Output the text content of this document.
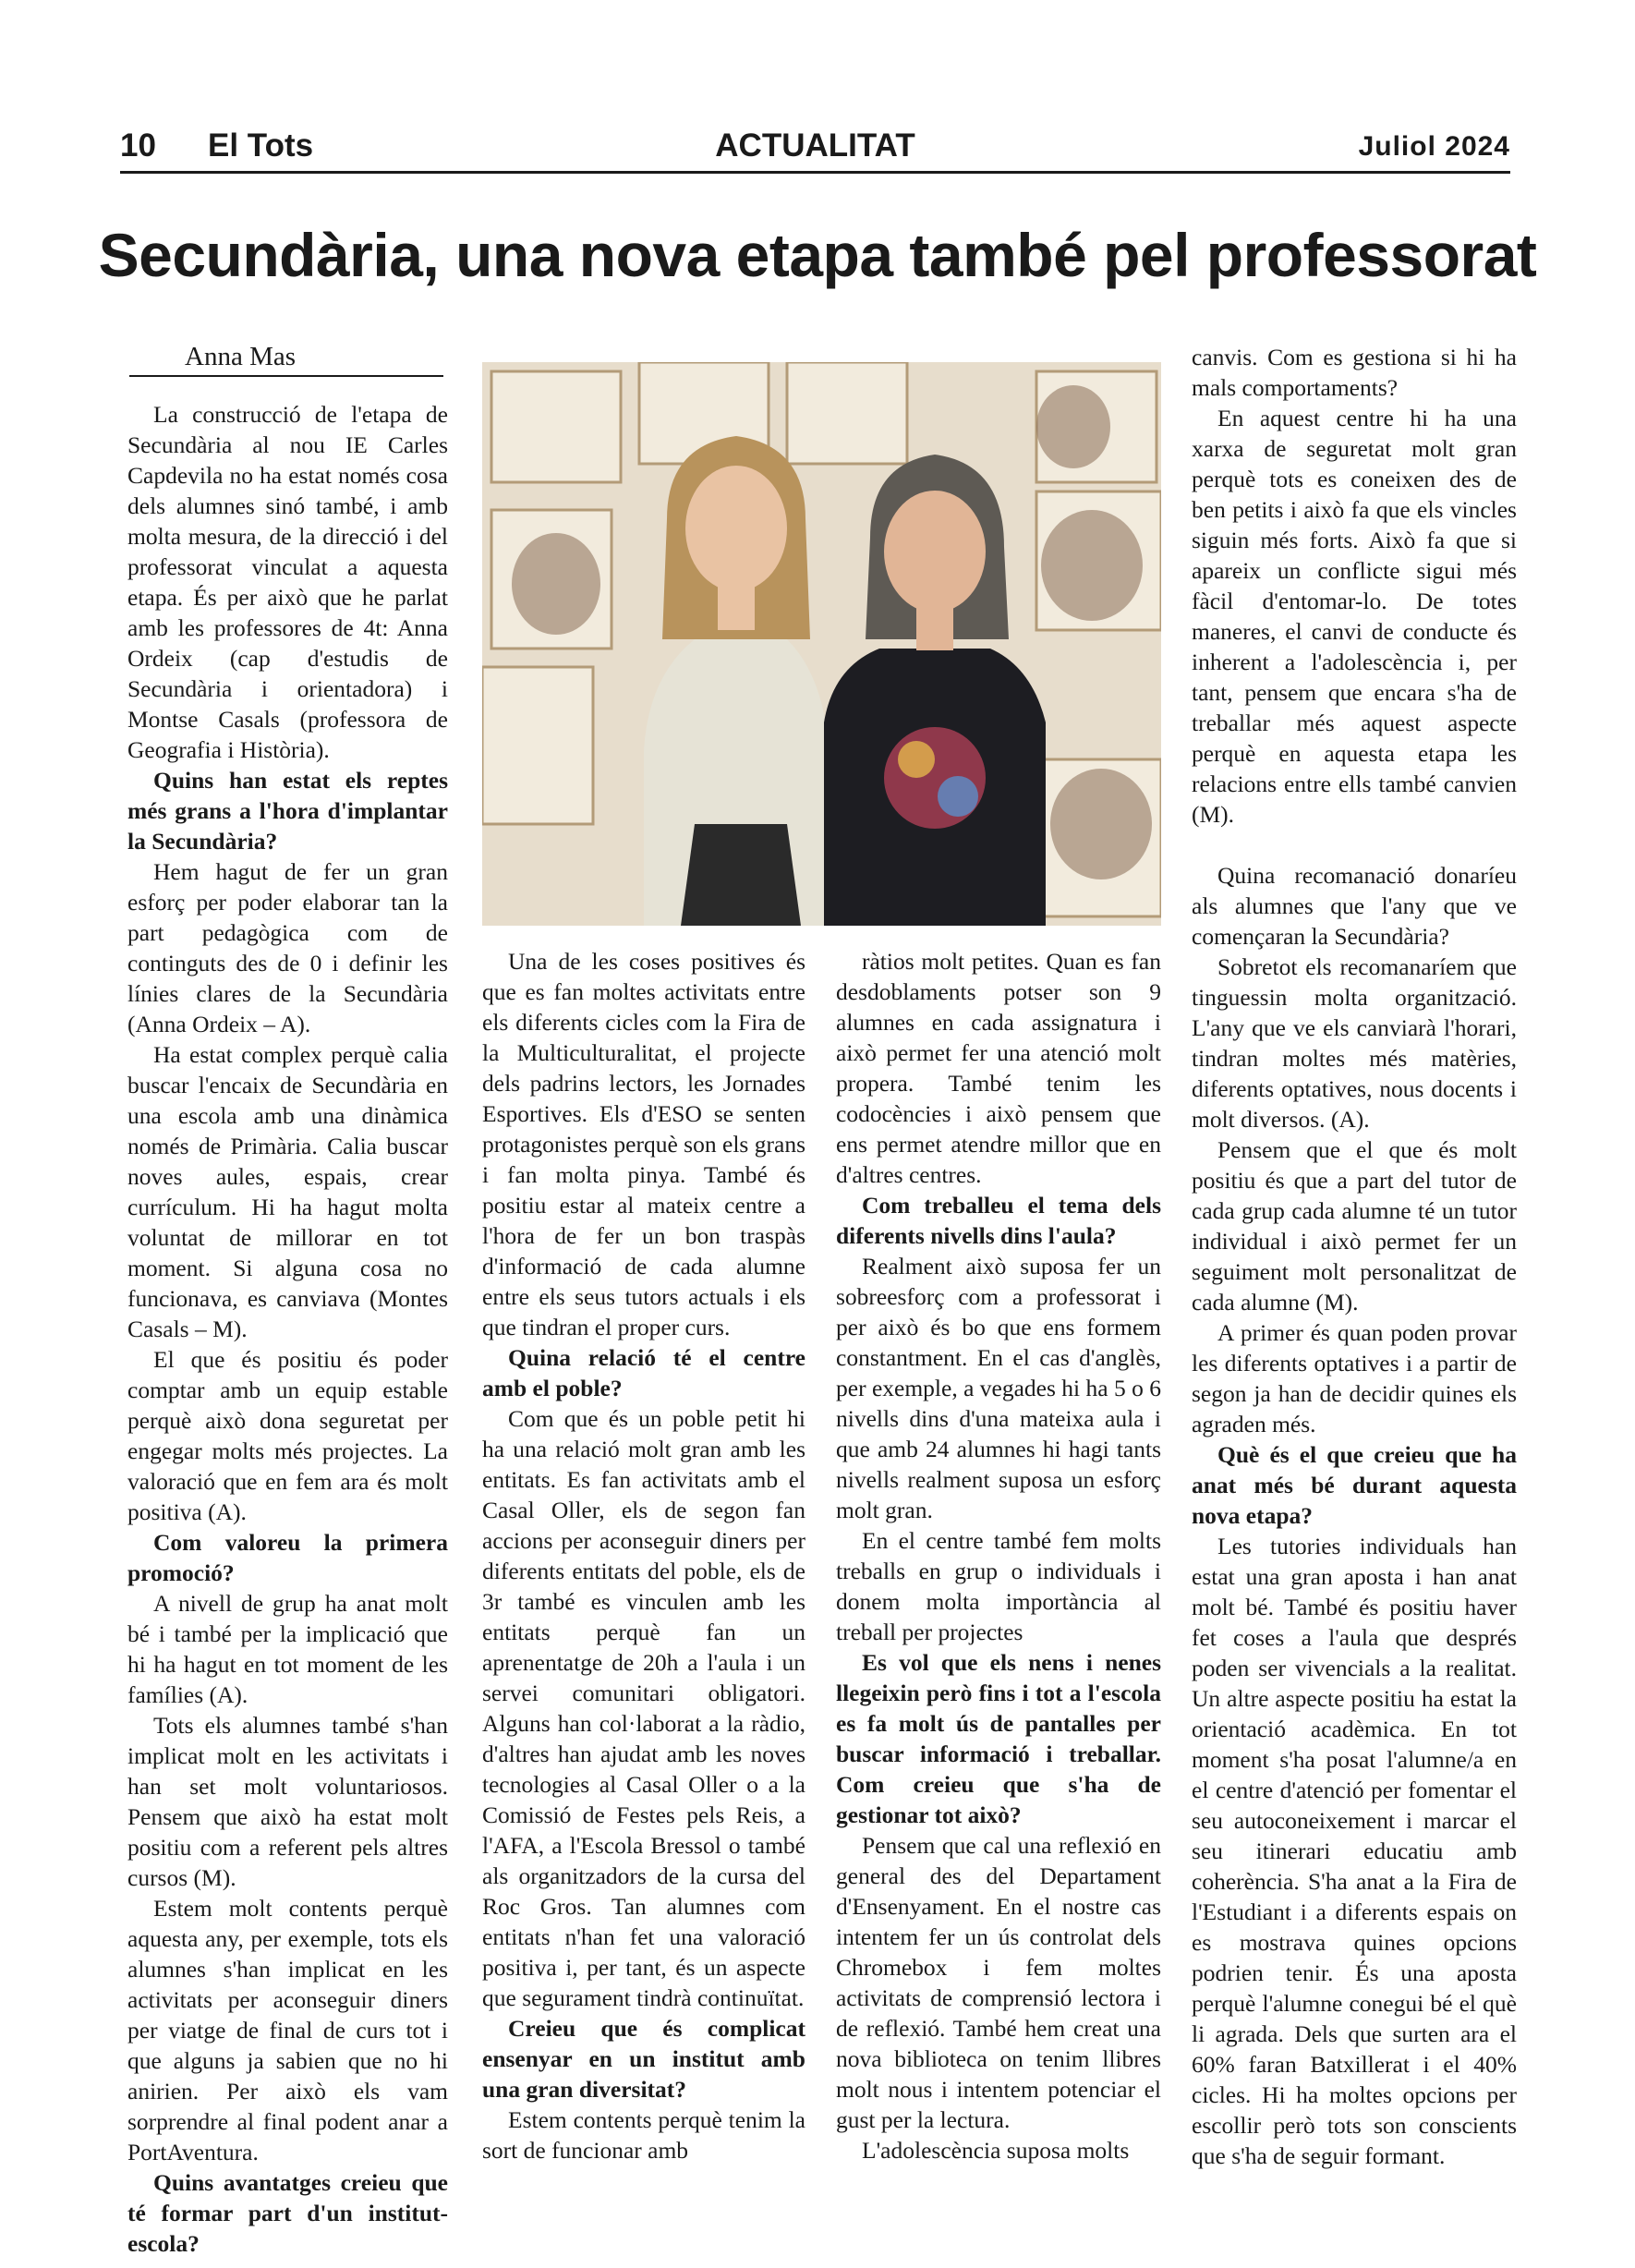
10 El Tots	ACTUALITAT	Juliol 2024
Secundària, una nova etapa també pel professorat
Anna Mas

La construcció de l'etapa de Secundària al nou IE Carles Capdevila no ha estat només cosa dels alumnes sinó també, i amb molta mesura, de la direcció i del professorat vinculat a aquesta etapa. És per això que he parlat amb les professores de 4t: Anna Ordeix (cap d'estudis de Secundària i orientadora) i Montse Casals (professora de Geografia i Història).

Quins han estat els reptes més grans a l'hora d'implantar la Secundària?

Hem hagut de fer un gran esforç per poder elaborar tan la part pedagògica com de continguts des de 0 i definir les línies clares de la Secundària (Anna Ordeix – A).

Ha estat complex perquè calia buscar l'encaix de Secundària en una escola amb una dinàmica només de Primària. Calia buscar noves aules, espais, crear currículum. Hi ha hagut molta voluntat de millorar en tot moment. Si alguna cosa no funcionava, es canviava (Montes Casals – M).

El que és positiu és poder comptar amb un equip estable perquè això dona seguretat per engegar molts més projectes. La valoració que en fem ara és molt positiva (A).

Com valoreu la primera promoció?

A nivell de grup ha anat molt bé i també per la implicació que hi ha hagut en tot moment de les famílies (A).

Tots els alumnes també s'han implicat molt en les activitats i han set molt voluntariosos. Pensem que això ha estat molt positiu com a referent pels altres cursos (M).

Estem molt contents perquè aquesta any, per exemple, tots els alumnes s'han implicat en les activitats per aconseguir diners per viatge de final de curs tot i que alguns ja sabien que no hi anirien. Per això els vam sorprendre al final podent anar a PortAventura.

Quins avantatges creieu que té formar part d'un institut-escola?

Una de les coses positives és que es fan moltes activitats entre els diferents cicles com la Fira de la Multiculturalitat, el projecte dels padrins lectors, les Jornades Esportives. Els d'ESO se senten protagonistes perquè son els grans i fan molta pinya. També és positiu estar al mateix centre a l'hora de fer un bon traspàs d'informació de cada alumne entre els seus tutors actuals i els que tindran el proper curs.

Quina relació té el centre amb el poble?

Com que és un poble petit hi ha una relació molt gran amb les entitats. Es fan activitats amb el Casal Oller, els de segon fan accions per aconseguir diners per diferents entitats del poble, els de 3r també es vinculen amb les entitats perquè fan un aprenentatge de 20h a l'aula i un servei comunitari obligatori. Alguns han col·laborat a la ràdio, d'altres han ajudat amb les noves tecnologies al Casal Oller o a la Comissió de Festes pels Reis, a l'AFA, a l'Escola Bressol o també als organitzadors de la cursa del Roc Gros. Tan alumnes com entitats n'han fet una valoració positiva i, per tant, és un aspecte que segurament tindrà continuïtat.

Creieu que és complicat ensenyar en un institut amb una gran diversitat?

Estem contents perquè tenim la sort de funcionar amb

ràtios molt petites. Quan es fan desdoblaments potser son 9 alumnes en cada assignatura i això permet fer una atenció molt propera. També tenim les codocències i això pensem que ens permet atendre millor que en d'altres centres.

Com treballeu el tema dels diferents nivells dins l'aula?

Realment això suposa fer un sobreesforç com a professorat i per això és bo que ens formem constantment. En el cas d'anglès, per exemple, a vegades hi ha 5 o 6 nivells dins d'una mateixa aula i que amb 24 alumnes hi hagi tants nivells realment suposa un esforç molt gran.

En el centre també fem molts treballs en grup o individuals i donem molta importància al treball per projectes

Es vol que els nens i nenes llegeixin però fins i tot a l'escola es fa molt ús de pantalles per buscar informació i treballar. Com creieu que s'ha de gestionar tot això?

Pensem que cal una reflexió en general des del Departament d'Ensenyament. En el nostre cas intentem fer un ús controlat dels Chromebox i fem moltes activitats de comprensió lectora i de reflexió. També hem creat una nova biblioteca on tenim llibres molt nous i intentem potenciar el gust per la lectura.

L'adolescència suposa molts

canvis. Com es gestiona si hi ha mals comportaments?

En aquest centre hi ha una xarxa de seguretat molt gran perquè tots es coneixen des de ben petits i això fa que els vincles siguin més forts. Això fa que si apareix un conflicte sigui més fàcil d'entomar-lo. De totes maneres, el canvi de conducte és inherent a l'adolescència i, per tant, pensem que encara s'ha de treballar més aquest aspecte perquè en aquesta etapa les relacions entre ells també canvien (M).

Quina recomanació donaríeu als alumnes que l'any que ve començaran la Secundària?

Sobretot els recomanaríem que tinguessin molta organització. L'any que ve els canviarà l'horari, tindran moltes més matèries, diferents optatives, nous docents i molt diversos. (A).

Pensem que el que és molt positiu és que a part del tutor de cada grup cada alumne té un tutor individual i això permet fer un seguiment molt personalitzat de cada alumne (M).

A primer és quan poden provar les diferents optatives i a partir de segon ja han de decidir quines els agraden més.

Què és el que creieu que ha anat més bé durant aquesta nova etapa?

Les tutories individuals han estat una gran aposta i han anat molt bé. També és positiu haver fet coses a l'aula que després poden ser vivencials a la realitat. Un altre aspecte positiu ha estat la orientació acadèmica. En tot moment s'ha posat l'alumne/a en el centre d'atenció per fomentar el seu autoconeixement i marcar el seu itinerari educatiu amb coherència. S'ha anat a la Fira de l'Estudiant i a diferents espais on es mostrava quines opcions podrien tenir. És una aposta perquè l'alumne conegui bé el què li agrada. Dels que surten ara el 60% faran Batxillerat i el 40% cicles. Hi ha moltes opcions per escollir però tots son conscients que s'ha de seguir formant.
